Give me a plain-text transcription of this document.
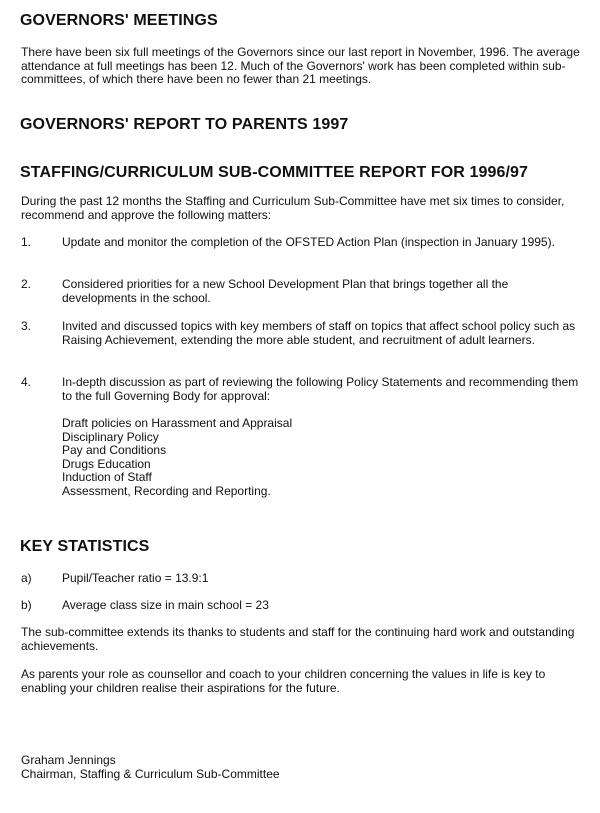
GOVERNORS' MEETINGS

There have been six full meetings of the Governors since our last report in November, 1996. The average attendance at full meetings has been 12. Much of the Governors' work has been completed within sub-committees, of which there have been no fewer than 21 meetings.

GOVERNORS' REPORT TO PARENTS 1997
STAFFING/CURRICULUM SUB-COMMITTEE REPORT FOR 1996/97

During the past 12 months the Staffing and Curriculum Sub-Committee have met six times to consider, recommend and approve the following matters:

1.	Update and monitor the completion of the OFSTED Action Plan (inspection in January 1995).

2.	Considered priorities for a new School Development Plan that brings together all the developments in the school.

3.	Invited and discussed topics with key members of staff on topics that affect school policy such as Raising Achievement, extending the more able student, and recruitment of adult learners.

4.	In-depth discussion as part of reviewing the following Policy Statements and recommending them to the full Governing Body for approval:

Draft policies on Harassment and Appraisal
Disciplinary Policy
Pay and Conditions
Drugs Education
Induction of Staff
Assessment, Recording and Reporting.
KEY STATISTICS
a)	Pupil/Teacher ratio = 13.9:1
b)	Average class size in main school = 23

The sub-committee extends its thanks to students and staff for the continuing hard work and outstanding achievements.

As parents your role as counsellor and coach to your children concerning the values in life is key to enabling your children realise their aspirations for the future.

Graham Jennings
Chairman, Staffing & Curriculum Sub-Committee
